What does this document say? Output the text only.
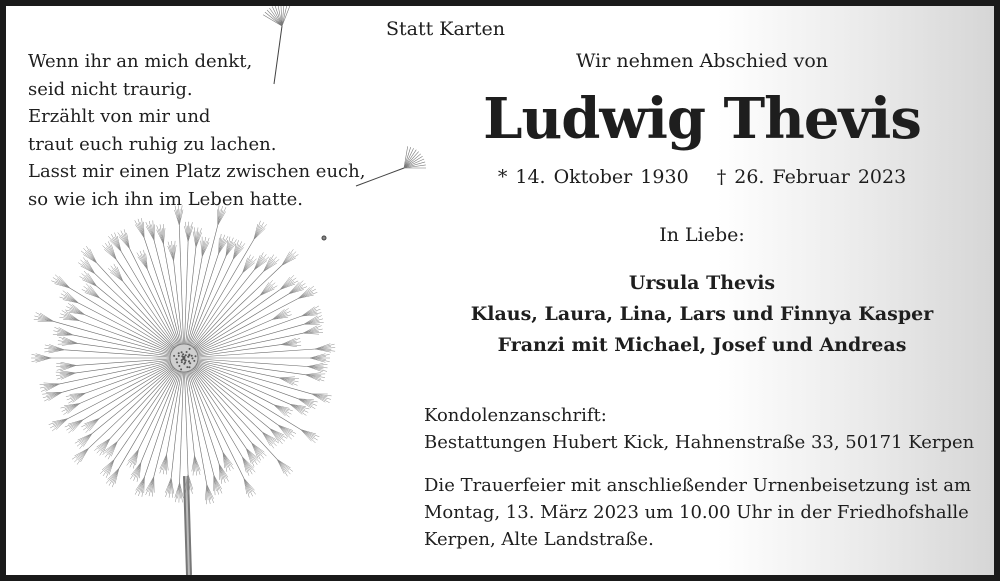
Statt Karten
Wenn ihr an mich denkt,
seid nicht traurig.
Erzählt von mir und
traut euch ruhig zu lachen.
Lasst mir einen Platz zwischen euch,
so wie ich ihn im Leben hatte.
Wir nehmen Abschied von
Ludwig Thevis
* 14. Oktober 1930 † 26. Februar 2023
In Liebe:
Ursula Thevis
Klaus, Laura, Lina, Lars und Finnya Kasper
Franzi mit Michael, Josef und Andreas
Kondolenzanschrift:
Bestattungen Hubert Kick, Hahnenstraße 33, 50171 Kerpen
Die Trauerfeier mit anschließender Urnenbeisetzung ist am
Montag, 13. März 2023 um 10.00 Uhr in der Friedhofshalle
Kerpen, Alte Landstraße.
